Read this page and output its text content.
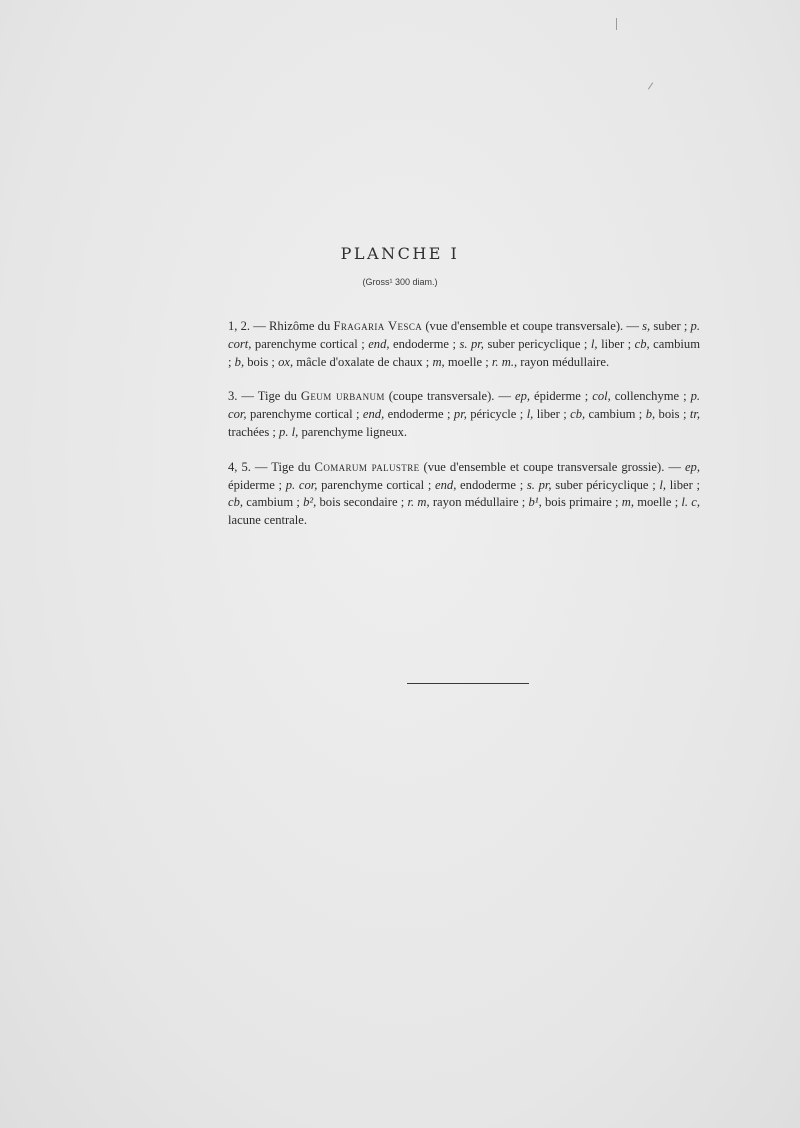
PLANCHE I
(Gross¹ 300 diam.)

1, 2. — Rhizôme du Fragaria Vesca (vue d'ensemble et coupe transversale). — s, suber ; p. cort, parenchyme cortical ; end, endoderme ; s. pr, suber pericyclique ; l, liber ; cb, cambium ; b, bois ; ox, mâcle d'oxalate de chaux ; m, moelle ; r. m., rayon médullaire.

3. — Tige du Geum urbanum (coupe transversale). — ep, épiderme ; col, collenchyme ; p. cor, parenchyme cortical ; end, endoderme ; pr, péricycle ; l, liber ; cb, cambium ; b, bois ; tr, trachées ; p. l, parenchyme ligneux.

4, 5. — Tige du Comarum palustre (vue d'ensemble et coupe transversale grossie). — ep, épiderme ; p. cor, parenchyme cortical ; end, endoderme ; s. pr, suber péricyclique ; l, liber ; cb, cambium ; b², bois secondaire ; r. m, rayon médullaire ; b¹, bois primaire ; m, moelle ; l. c, lacune centrale.
